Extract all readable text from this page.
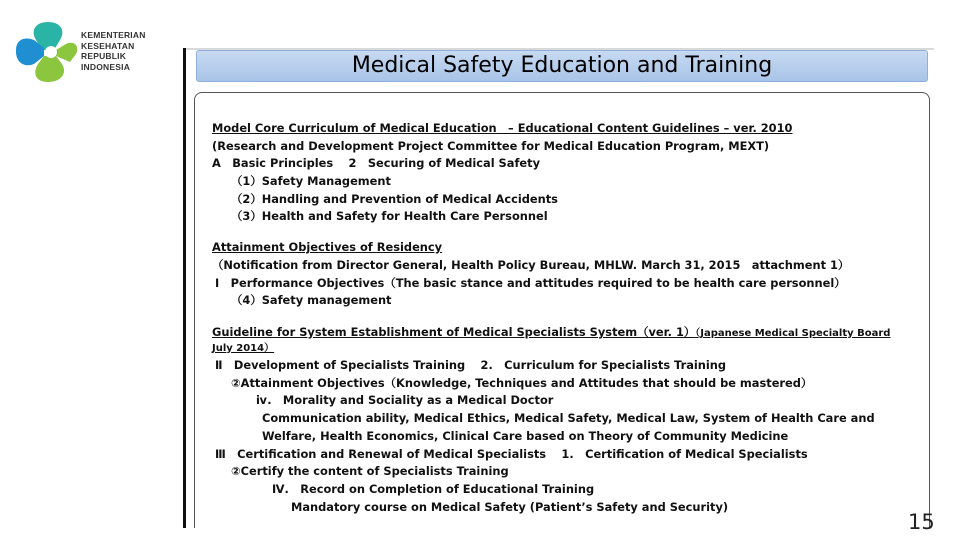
KEMENTERIAN
KESEHATAN
REPUBLIK
INDONESIA	Medical Safety Education and Training
Model Core Curriculum of Medical Education　– Educational Content Guidelines – ver. 2010
(Research and Development Project Committee for Medical Education Program, MEXT)
A　Basic Principles　 2　Securing of Medical Safety
（1）Safety Management
（2）Handling and Prevention of Medical Accidents
（3）Health and Safety for Health Care Personnel
Attainment Objectives of Residency
（Notification from Director General, Health Policy Bureau, MHLW. March 31, 2015　attachment 1）
Ⅰ　Performance Objectives（The basic stance and attitudes required to be health care personnel）
（4）Safety management
Guideline for System Establishment of Medical Specialists System（ver. 1）（Japanese Medical Specialty Board
July 2014）
Ⅱ　Development of Specialists Training　 2.　Curriculum for Specialists Training
②Attainment Objectives（Knowledge, Techniques and Attitudes that should be mastered）
ⅳ.　Morality and Sociality as a Medical Doctor
Communication ability, Medical Ethics, Medical Safety, Medical Law, System of Health Care and
Welfare, Health Economics, Clinical Care based on Theory of Community Medicine
Ⅲ　Certification and Renewal of Medical Specialists　 1.　Certification of Medical Specialists
②Certify the content of Specialists Training
Ⅳ.　Record on Completion of Educational Training
Mandatory course on Medical Safety (Patient’s Safety and Security)
15
